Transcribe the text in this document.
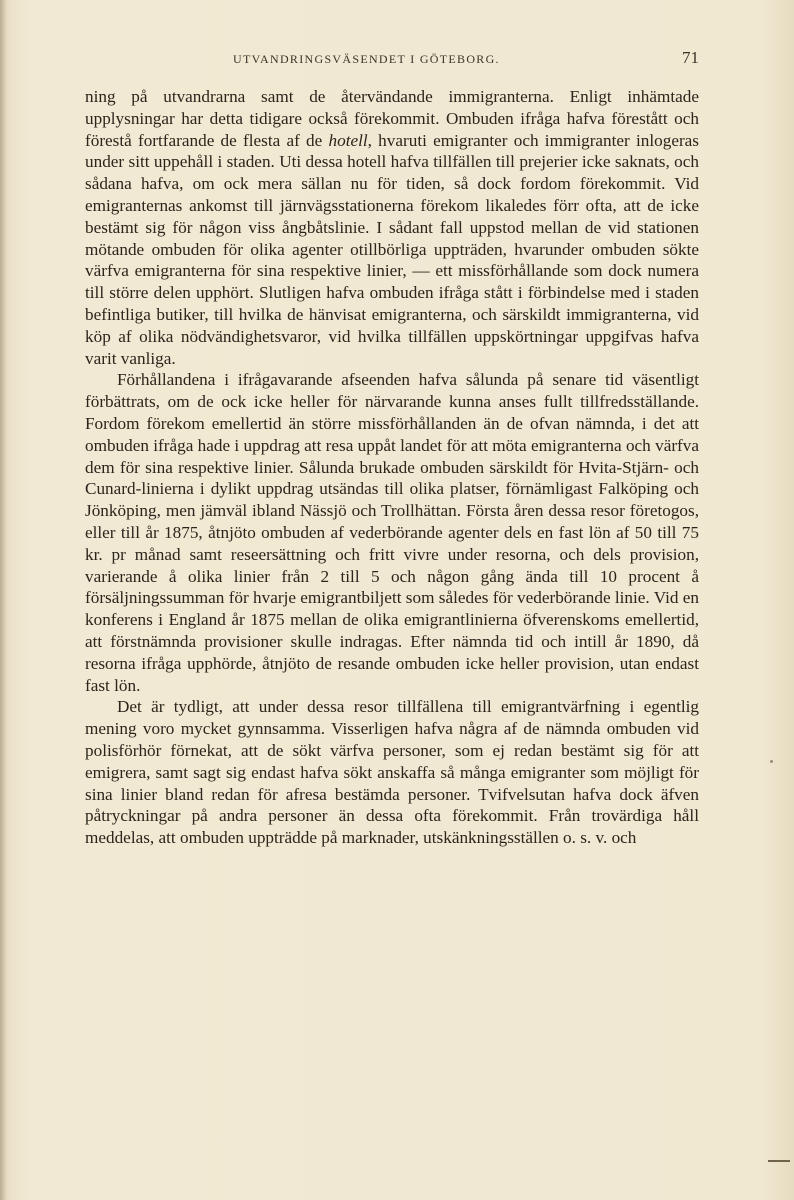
UTVANDRINGSVÄSENDET I GÖTEBORG.	71

ning på utvandrarna samt de återvändande immigranterna. Enligt inhämtade upplysningar har detta tidigare också förekommit. Ombuden ifråga hafva förestått och förestå fortfarande de flesta af de hotell, hvaruti emigranter och immigranter inlogeras under sitt uppehåll i staden. Uti dessa hotell hafva tillfällen till prejerier icke saknats, och sådana hafva, om ock mera sällan nu för tiden, så dock fordom förekommit. Vid emigranternas ankomst till järnvägsstationerna förekom likaledes förr ofta, att de icke bestämt sig för någon viss ångbåtslinie. I sådant fall uppstod mellan de vid stationen mötande ombuden för olika agenter otillbörliga uppträden, hvarunder ombuden sökte värfva emigranterna för sina respektive linier, — ett missförhållande som dock numera till större delen upphört. Slutligen hafva ombuden ifråga stått i förbindelse med i staden befintliga butiker, till hvilka de hänvisat emigranterna, och särskildt immigranterna, vid köp af olika nödvändighetsvaror, vid hvilka tillfällen uppskörtningar uppgifvas hafva varit vanliga.

Förhållandena i ifrågavarande afseenden hafva sålunda på senare tid väsentligt förbättrats, om de ock icke heller för närvarande kunna anses fullt tillfredsställande. Fordom förekom emellertid än större missförhållanden än de ofvan nämnda, i det att ombuden ifråga hade i uppdrag att resa uppåt landet för att möta emigranterna och värfva dem för sina respektive linier. Sålunda brukade ombuden särskildt för Hvita-Stjärn- och Cunard-linierna i dylikt uppdrag utsändas till olika platser, förnämligast Falköping och Jönköping, men jämväl ibland Nässjö och Trollhättan. Första åren dessa resor företogos, eller till år 1875, åtnjöto ombuden af vederbörande agenter dels en fast lön af 50 till 75 kr. pr månad samt reseersättning och fritt vivre under resorna, och dels provision, varierande å olika linier från 2 till 5 och någon gång ända till 10 procent å försäljningssumman för hvarje emigrantbiljett som således för vederbörande linie. Vid en konferens i England år 1875 mellan de olika emigrantlinierna öfverenskoms emellertid, att förstnämnda provisioner skulle indragas. Efter nämnda tid och intill år 1890, då resorna ifråga upphörde, åtnjöto de resande ombuden icke heller provision, utan endast fast lön.

Det är tydligt, att under dessa resor tillfällena till emigrantvärfning i egentlig mening voro mycket gynnsamma. Visserligen hafva några af de nämnda ombuden vid polisförhör förnekat, att de sökt värfva personer, som ej redan bestämt sig för att emigrera, samt sagt sig endast hafva sökt anskaffa så många emigranter som möjligt för sina linier bland redan för afresa bestämda personer. Tvifvelsutan hafva dock äfven påtryckningar på andra personer än dessa ofta förekommit. Från trovärdiga håll meddelas, att ombuden uppträdde på marknader, utskänkningsställen o. s. v. och
